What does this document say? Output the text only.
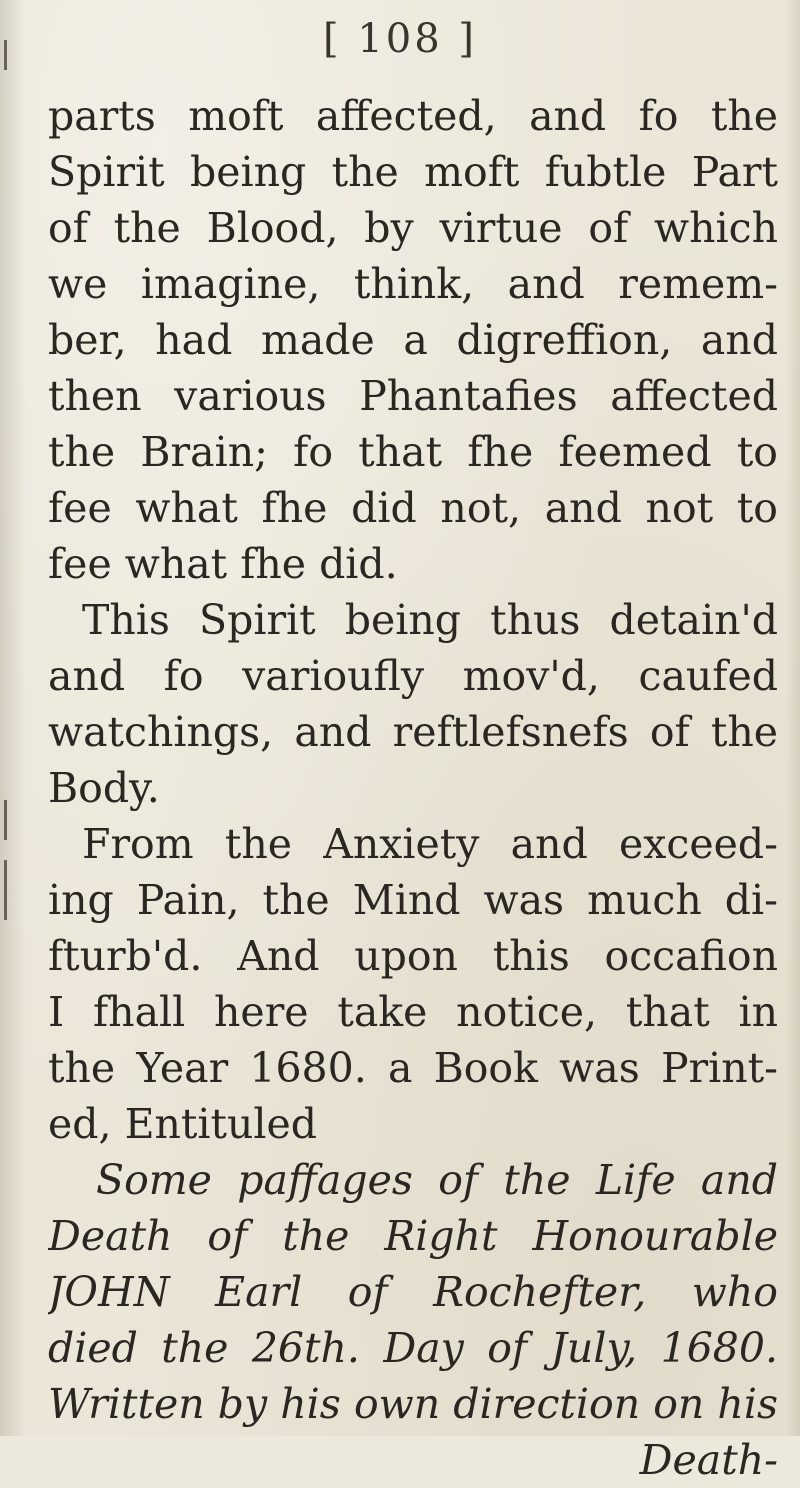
[ 108 ]
parts moft affected, and fo the
Spirit being the moft fubtle Part
of the Blood, by virtue of which
we imagine, think, and remem-
ber, had made a digreffion, and
then various Phantafies affected
the Brain; fo that fhe feemed to
fee what fhe did not, and not to
fee what fhe did.
This Spirit being thus detain'd
and fo varioufly mov'd, caufed
watchings, and reftlefsnefs of the
Body.
From the Anxiety and exceed-
ing Pain, the Mind was much di-
fturb'd. And upon this occafion
I fhall here take notice, that in
the Year 1680. a Book was Print-
ed, Entituled
Some paffages of the Life and
Death of the Right Honourable
JOHN Earl of Rochefter, who
died the 26th. Day of July, 1680.
Written by his own direction on his
Death-
